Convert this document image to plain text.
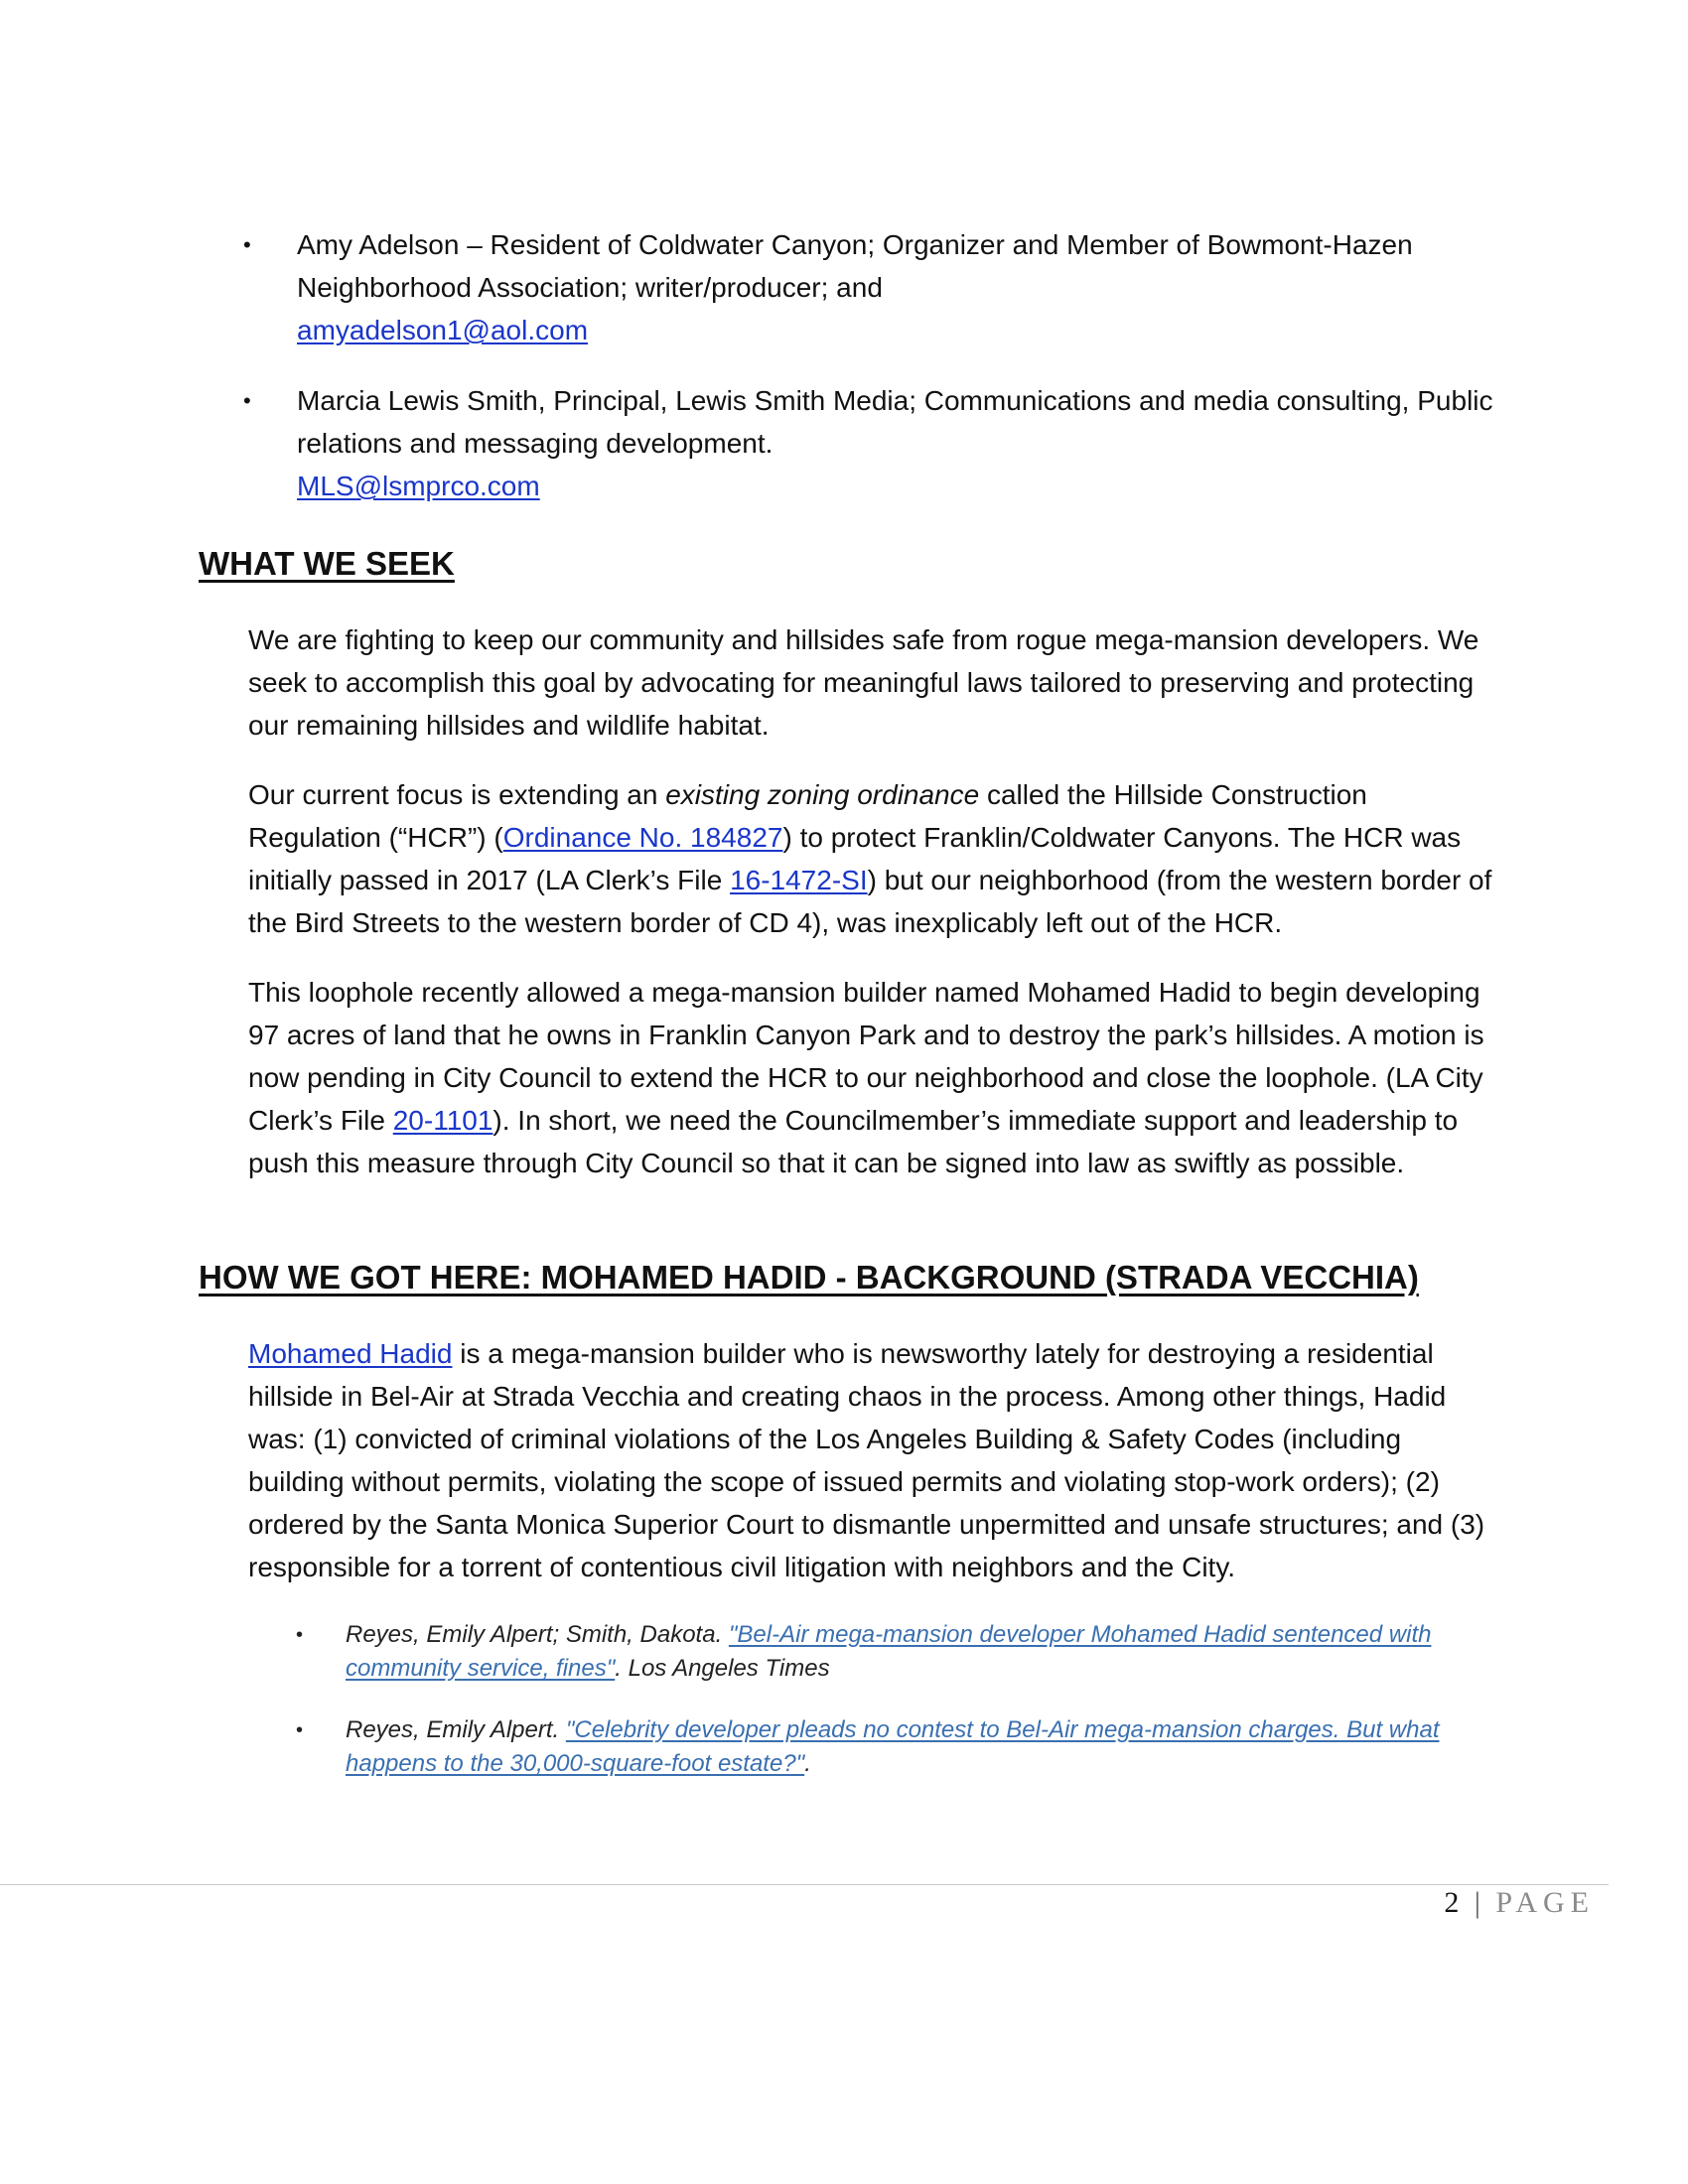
• Amy Adelson – Resident of Coldwater Canyon; Organizer and Member of Bowmont-Hazen Neighborhood Association; writer/producer; and
amyadelson1@aol.com
• Marcia Lewis Smith, Principal, Lewis Smith Media; Communications and media consulting, Public relations and messaging development.
MLS@lsmprco.com
WHAT WE SEEK

We are fighting to keep our community and hillsides safe from rogue mega-mansion developers. We seek to accomplish this goal by advocating for meaningful laws tailored to preserving and protecting our remaining hillsides and wildlife habitat.

Our current focus is extending an existing zoning ordinance called the Hillside Construction Regulation (“HCR”) (Ordinance No. 184827) to protect Franklin/Coldwater Canyons. The HCR was initially passed in 2017 (LA Clerk’s File 16-1472-SI) but our neighborhood (from the western border of the Bird Streets to the western border of CD 4), was inexplicably left out of the HCR.

This loophole recently allowed a mega-mansion builder named Mohamed Hadid to begin developing 97 acres of land that he owns in Franklin Canyon Park and to destroy the park’s hillsides. A motion is now pending in City Council to extend the HCR to our neighborhood and close the loophole. (LA City Clerk’s File 20-1101). In short, we need the Councilmember’s immediate support and leadership to push this measure through City Council so that it can be signed into law as swiftly as possible.

HOW WE GOT HERE: MOHAMED HADID - BACKGROUND (STRADA VECCHIA)

Mohamed Hadid is a mega-mansion builder who is newsworthy lately for destroying a residential hillside in Bel-Air at Strada Vecchia and creating chaos in the process. Among other things, Hadid was: (1) convicted of criminal violations of the Los Angeles Building & Safety Codes (including building without permits, violating the scope of issued permits and violating stop-work orders); (2) ordered by the Santa Monica Superior Court to dismantle unpermitted and unsafe structures; and (3) responsible for a torrent of contentious civil litigation with neighbors and the City.

• Reyes, Emily Alpert; Smith, Dakota. "Bel-Air mega-mansion developer Mohamed Hadid sentenced with community service, fines". Los Angeles Times
• Reyes, Emily Alpert. "Celebrity developer pleads no contest to Bel-Air mega-mansion charges. But what happens to the 30,000-square-foot estate?".
2 | PAGE
